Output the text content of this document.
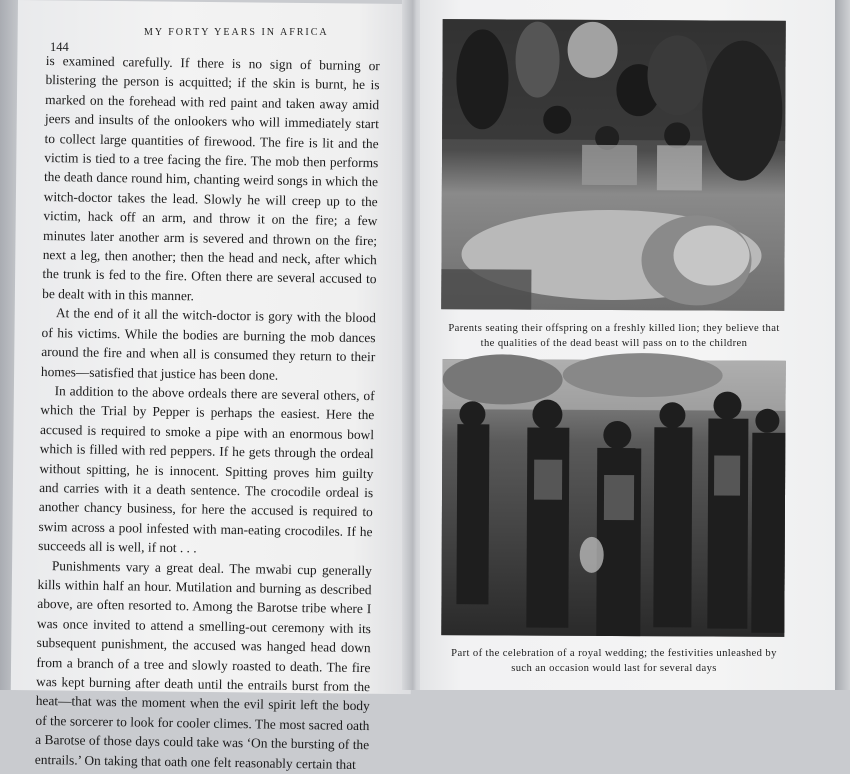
144
MY FORTY YEARS IN AFRICA

is examined carefully. If there is no sign of burning or blistering the person is acquitted; if the skin is burnt, he is marked on the forehead with red paint and taken away amid jeers and insults of the onlookers who will immediately start to collect large quantities of firewood. The fire is lit and the victim is tied to a tree facing the fire. The mob then performs the death dance round him, chanting weird songs in which the witch-doctor takes the lead. Slowly he will creep up to the victim, hack off an arm, and throw it on the fire; a few minutes later another arm is severed and thrown on the fire; next a leg, then another; then the head and neck, after which the trunk is fed to the fire. Often there are several accused to be dealt with in this manner.

At the end of it all the witch-doctor is gory with the blood of his victims. While the bodies are burning the mob dances around the fire and when all is consumed they return to their homes—satisfied that justice has been done.

In addition to the above ordeals there are several others, of which the Trial by Pepper is perhaps the easiest. Here the accused is required to smoke a pipe with an enormous bowl which is filled with red peppers. If he gets through the ordeal without spitting, he is innocent. Spitting proves him guilty and carries with it a death sentence. The crocodile ordeal is another chancy business, for here the accused is required to swim across a pool infested with man-eating crocodiles. If he succeeds all is well, if not . . .

Punishments vary a great deal. The mwabi cup generally kills within half an hour. Mutilation and burning as described above, are often resorted to. Among the Barotse tribe where I was once invited to attend a smelling-out ceremony with its subsequent punishment, the accused was hanged head down from a branch of a tree and slowly roasted to death. The fire was kept burning after death until the entrails burst from the heat—that was the moment when the evil spirit left the body of the sorcerer to look for cooler climes. The most sacred oath a Barotse of those days could take was ‘On the bursting of the entrails.’ On taking that oath one felt reasonably certain that

Parents seating their offspring on a freshly killed lion; they believe that the qualities of the dead beast will pass on to the children
Part of the celebration of a royal wedding; the festivities unleashed by such an occasion would last for several days
